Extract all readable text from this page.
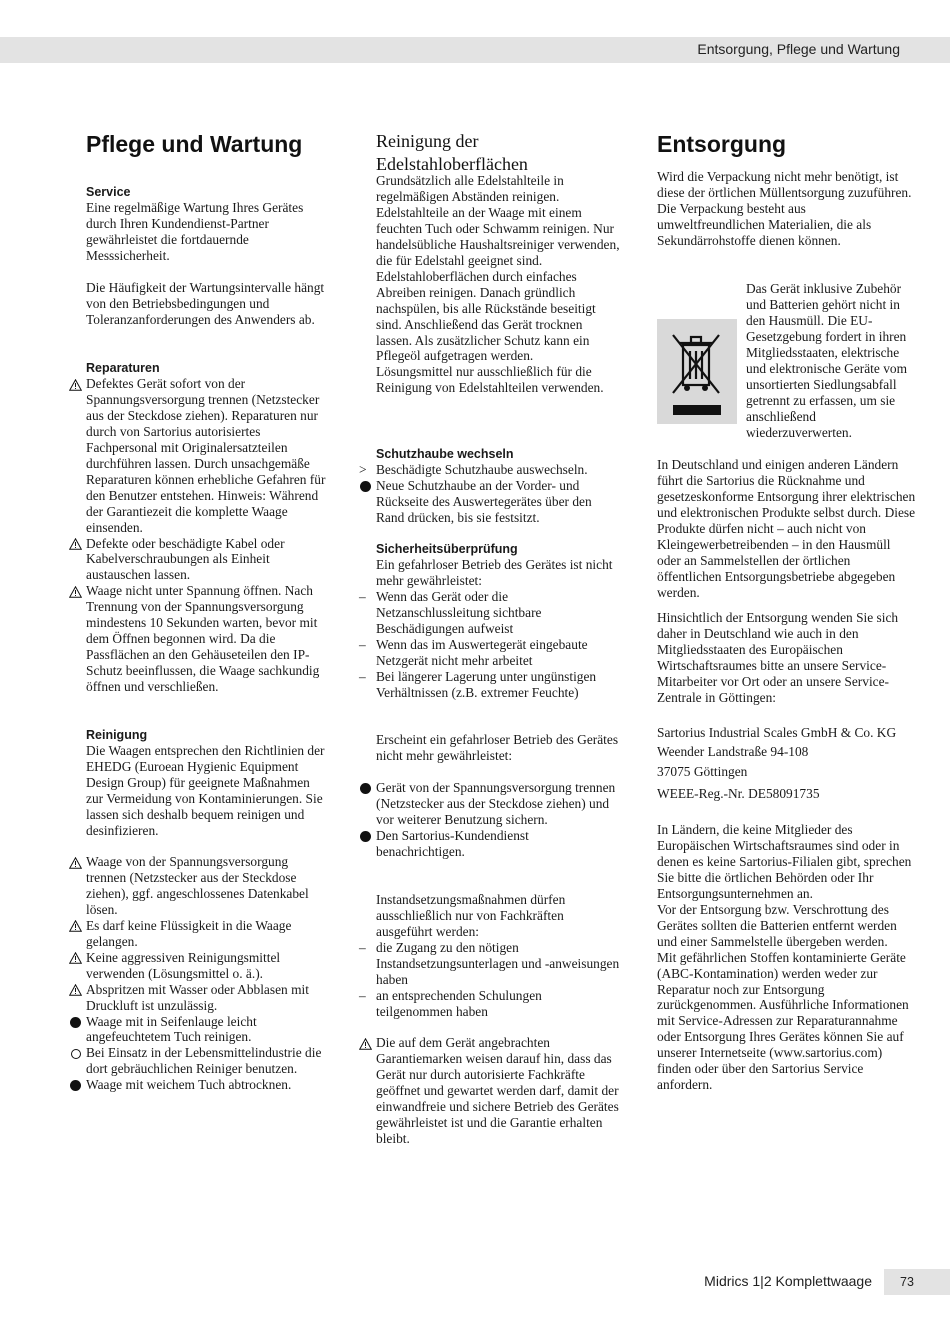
Entsorgung, Pflege und Wartung
Pflege und Wartung

Service

Eine regelmäßige Wartung Ihres Gerätes durch Ihren Kundendienst-Partner gewährleistet die fortdauernde Messsicherheit.

Die Häufigkeit der Wartungsintervalle hängt von den Betriebsbedingungen und Toleranzanforderungen des Anwenders ab.

Reparaturen

Defektes Gerät sofort von der Spannungsversorgung trennen (Netzstecker aus der Steckdose ziehen). Reparaturen nur durch von Sartorius autorisiertes Fachpersonal mit Originalersatzteilen durchführen lassen. Durch unsachgemäße Reparaturen können erhebliche Gefahren für den Benutzer entstehen. Hinweis: Während der Garantiezeit die komplette Waage einsenden.

Defekte oder beschädigte Kabel oder Kabelverschraubungen als Einheit austauschen lassen.

Waage nicht unter Spannung öffnen. Nach Trennung von der Spannungsversorgung mindestens 10 Sekunden warten, bevor mit dem Öffnen begonnen wird. Da die Passflächen an den Gehäuseteilen den IP-Schutz beeinflussen, die Waage sachkundig öffnen und verschließen.

Reinigung

Die Waagen entsprechen den Richtlinien der EHEDG (Euroean Hygienic Equipment Design Group) für geeignete Maßnahmen zur Vermeidung von Kontaminierungen. Sie lassen sich deshalb bequem reinigen und desinfizieren.

Waage von der Spannungsversorgung trennen (Netzstecker aus der Steckdose ziehen), ggf. angeschlossenes Datenkabel lösen.

Es darf keine Flüssigkeit in die Waage gelangen.

Keine aggressiven Reinigungsmittel verwenden (Lösungsmittel o. ä.).

Abspritzen mit Wasser oder Abblasen mit Druckluft ist unzulässig.

Waage mit in Seifenlauge leicht angefeuchtetem Tuch reinigen.

Bei Einsatz in der Lebensmittelindustrie die dort gebräuchlichen Reiniger benutzen.

Waage mit weichem Tuch abtrocknen.

Reinigung der Edelstahloberflächen

Grundsätzlich alle Edelstahlteile in regelmäßigen Abständen reinigen. Edelstahlteile an der Waage mit einem feuchten Tuch oder Schwamm reinigen. Nur handelsübliche Haushaltsreiniger verwenden, die für Edelstahl geeignet sind. Edelstahloberflächen durch einfaches Abreiben reinigen. Danach gründlich nachspülen, bis alle Rückstände beseitigt sind. Anschließend das Gerät trocknen lassen. Als zusätzlicher Schutz kann ein Pflegeöl aufgetragen werden.

Lösungsmittel nur ausschließlich für die Reinigung von Edelstahlteilen verwenden.

Schutzhaube wechseln

> Beschädigte Schutzhaube auswechseln.

Neue Schutzhaube an der Vorder- und Rückseite des Auswertegerätes über den Rand drücken, bis sie festsitzt.

Sicherheitsüberprüfung

Ein gefahrloser Betrieb des Gerätes ist nicht mehr gewährleistet:

– Wenn das Gerät oder die Netzanschlussleitung sichtbare Beschädigungen aufweist

– Wenn das im Auswertegerät eingebaute Netzgerät nicht mehr arbeitet

– Bei längerer Lagerung unter ungünstigen Verhältnissen (z.B. extremer Feuchte)

Erscheint ein gefahrloser Betrieb des Gerätes nicht mehr gewährleistet:

Gerät von der Spannungsversorgung trennen (Netzstecker aus der Steckdose ziehen) und vor weiterer Benutzung sichern.

Den Sartorius-Kundendienst benachrichtigen.

Instandsetzungsmaßnahmen dürfen ausschließlich nur von Fachkräften ausgeführt werden:

– die Zugang zu den nötigen Instandsetzungsunterlagen und -anweisungen haben

– an entsprechenden Schulungen teilgenommen haben

Die auf dem Gerät angebrachten Garantiemarken weisen darauf hin, dass das Gerät nur durch autorisierte Fachkräfte geöffnet und gewartet werden darf, damit der einwandfreie und sichere Betrieb des Gerätes gewährleistet ist und die Garantie erhalten bleibt.

Entsorgung

Wird die Verpackung nicht mehr benötigt, ist diese der örtlichen Müllentsorgung zuzuführen. Die Verpackung besteht aus umweltfreundlichen Materialien, die als Sekundärrohstoffe dienen können.

Das Gerät inklusive Zubehör und Batterien gehört nicht in den Hausmüll. Die EU-Gesetzgebung fordert in ihren Mitgliedsstaaten, elektrische und elektronische Geräte vom unsortierten Siedlungsabfall getrennt zu erfassen, um sie anschließend wiederzuverwerten.

In Deutschland und einigen anderen Ländern führt die Sartorius die Rücknahme und gesetzeskonforme Entsorgung ihrer elektrischen und elektronischen Produkte selbst durch. Diese Produkte dürfen nicht – auch nicht von Kleingewerbetreibenden – in den Hausmüll oder an Sammelstellen der örtlichen öffentlichen Entsorgungsbetriebe abgegeben werden.

Hinsichtlich der Entsorgung wenden Sie sich daher in Deutschland wie auch in den Mitgliedsstaaten des Europäischen Wirtschaftsraumes bitte an unsere Service-Mitarbeiter vor Ort oder an unsere Service-Zentrale in Göttingen:

Sartorius Industrial Scales GmbH & Co. KG

Weender Landstraße 94-108

37075 Göttingen

WEEE-Reg.-Nr. DE58091735

In Ländern, die keine Mitglieder des Europäischen Wirtschaftsraumes sind oder in denen es keine Sartorius-Filialen gibt, sprechen Sie bitte die örtlichen Behörden oder Ihr Entsorgungsunternehmen an.

Vor der Entsorgung bzw. Verschrottung des Gerätes sollten die Batterien entfernt werden und einer Sammelstelle übergeben werden.

Mit gefährlichen Stoffen kontaminierte Geräte (ABC-Kontamination) werden weder zur Reparatur noch zur Entsorgung zurückgenommen. Ausführliche Informationen mit Service-Adressen zur Reparaturannahme oder Entsorgung Ihres Gerätes können Sie auf unserer Internetseite (www.sartorius.com) finden oder über den Sartorius Service anfordern.

Midrics 1|2 Komplettwaage 73
